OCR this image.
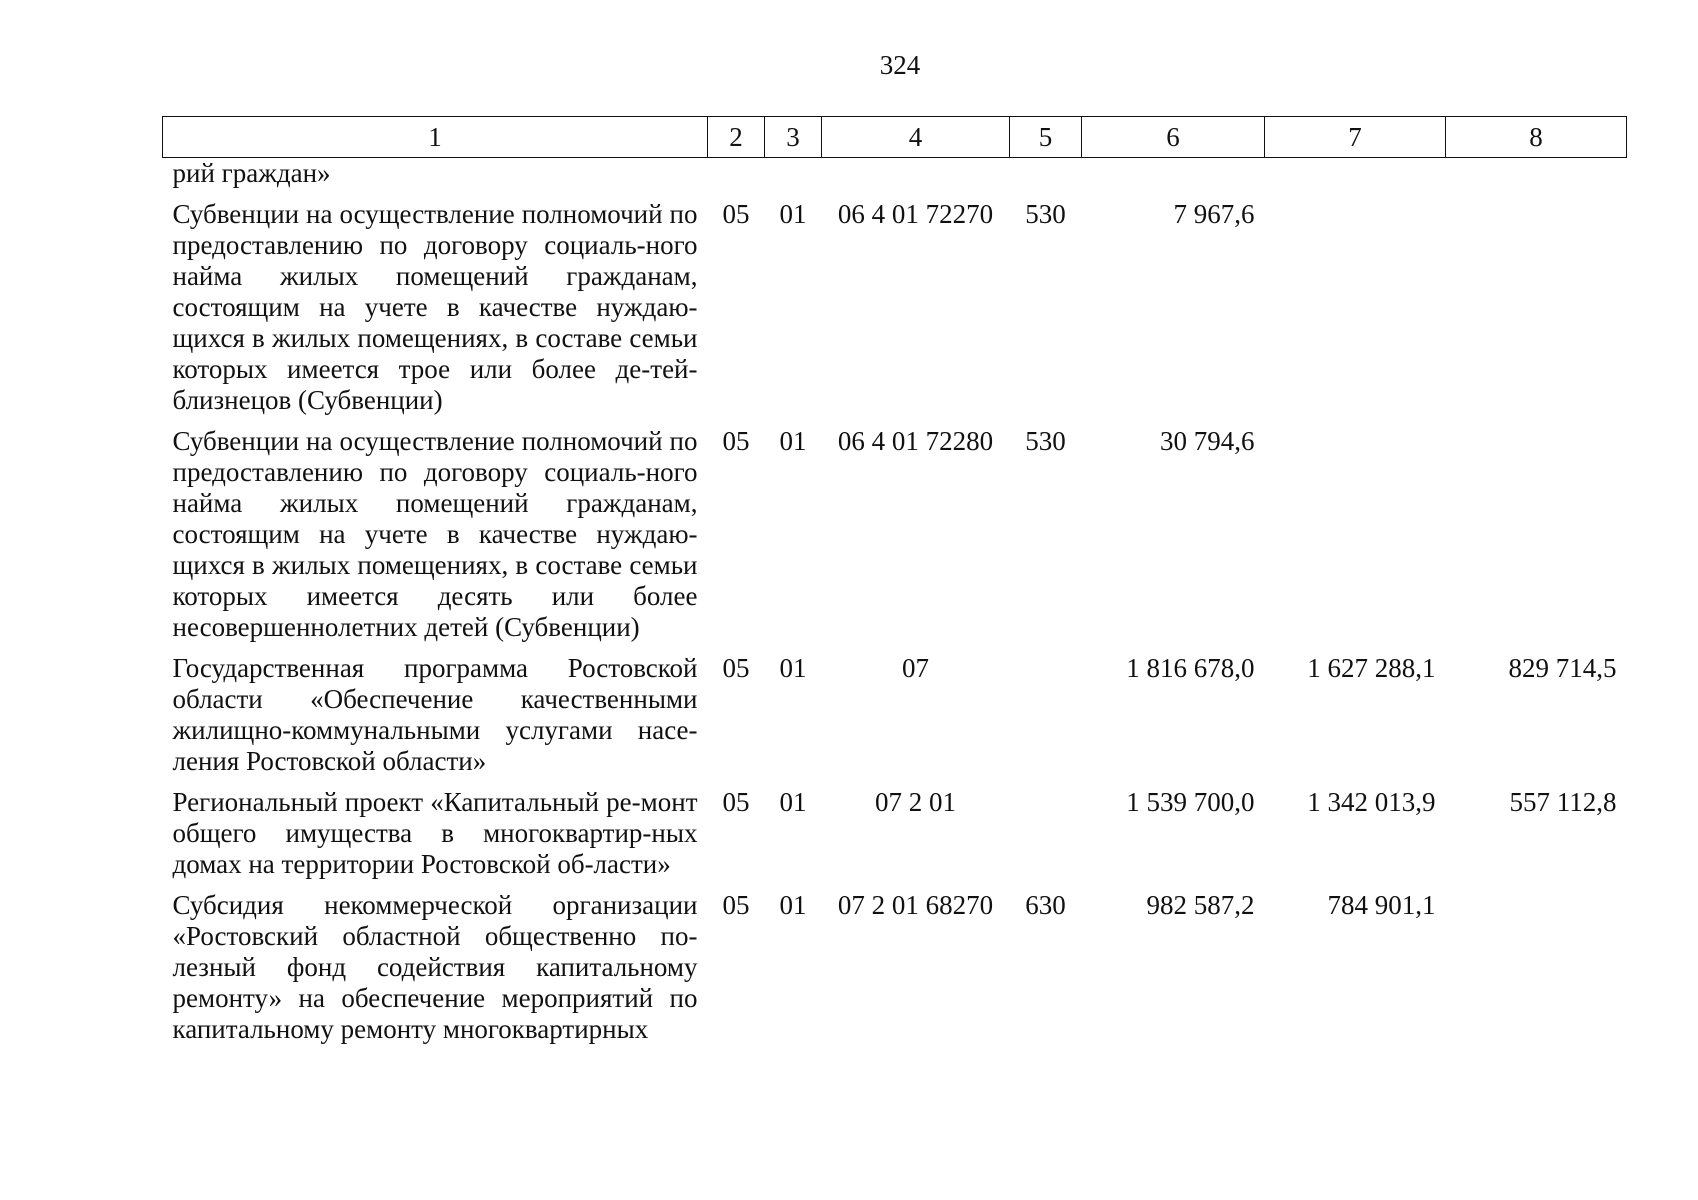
324
1	2	3	4	5	6	7	8
рий граждан»							
Субвенции на осуществление полномочий по предоставлению по договору социаль-ного найма жилых помещений гражданам, состоящим на учете в качестве нуждаю-щихся в жилых помещениях, в составе семьи которых имеется трое или более де-тей-близнецов (Субвенции)	05	01	06 4 01 72270	530	7 967,6		
Субвенции на осуществление полномочий по предоставлению по договору социаль-ного найма жилых помещений гражданам, состоящим на учете в качестве нуждаю-щихся в жилых помещениях, в составе семьи которых имеется десять или более несовершеннолетних детей (Субвенции)	05	01	06 4 01 72280	530	30 794,6		
Государственная программа Ростовской области «Обеспечение качественными жилищно-коммунальными услугами насе-ления Ростовской области»	05	01	07		1 816 678,0	1 627 288,1	829 714,5
Региональный проект «Капитальный ре-монт общего имущества в многоквартир-ных домах на территории Ростовской об-ласти»	05	01	07 2 01		1 539 700,0	1 342 013,9	557 112,8
Субсидия некоммерческой организации «Ростовский областной общественно по-лезный фонд содействия капитальному ремонту» на обеспечение мероприятий по капитальному ремонту многоквартирных	05	01	07 2 01 68270	630	982 587,2	784 901,1	
